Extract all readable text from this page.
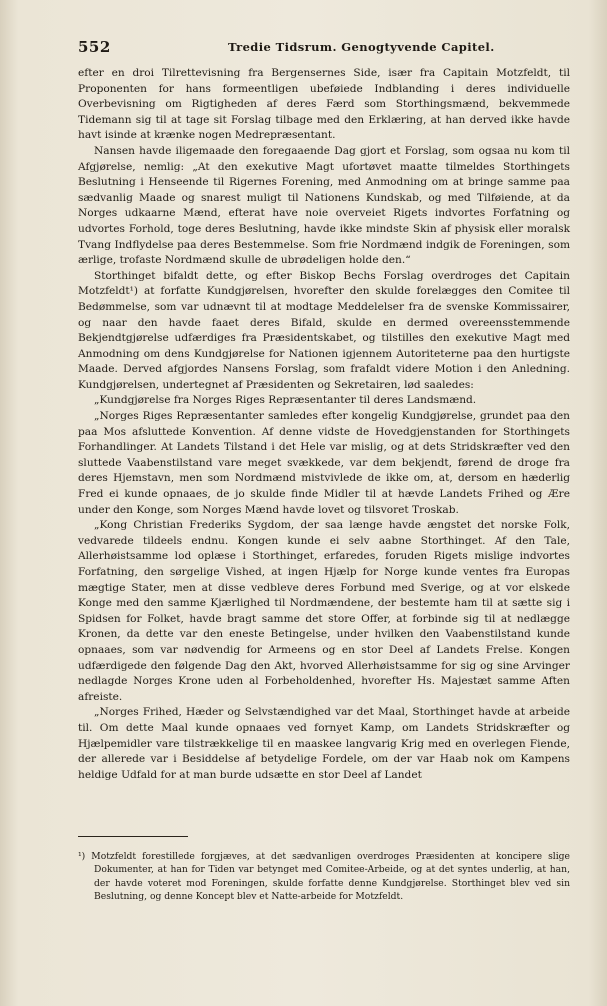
552	Tredie Tidsrum. Genogtyvende Capitel.

efter en droi Tilrettevisning fra Bergensernes Side, især fra Capitain Motzfeldt, til Proponenten for hans formeentligen ubeføiede Indblanding i deres individuelle Overbevisning om Rigtigheden af deres Færd som Storthingsmænd, bekvemmede Tidemann sig til at tage sit Forslag tilbage med den Erklæring, at han derved ikke havde havt isinde at krænke nogen Medrepræsentant.

Nansen havde iligemaade den foregaaende Dag gjort et Forslag, som ogsaa nu kom til Afgjørelse, nemlig: „At den exekutive Magt ufortøvet maatte tilmeldes Storthingets Beslutning i Henseende til Rigernes Forening, med Anmodning om at bringe samme paa sædvanlig Maade og snarest muligt til Nationens Kundskab, og med Tilføiende, at da Norges udkaarne Mænd, efterat have noie overveiet Rigets indvortes Forfatning og udvortes Forhold, toge deres Beslutning, havde ikke mindste Skin af physisk eller moralsk Tvang Indflydelse paa deres Bestemmelse. Som frie Nordmænd indgik de Foreningen, som ærlige, trofaste Nordmænd skulle de ubrødeligen holde den.“

Storthinget bifaldt dette, og efter Biskop Bechs Forslag overdroges det Capitain Motzfeldt¹) at forfatte Kundgjørelsen, hvorefter den skulde forelægges den Comitee til Bedømmelse, som var udnævnt til at modtage Meddelelser fra de svenske Kommissairer, og naar den havde faaet deres Bifald, skulde en dermed overeensstemmende Bekjendtgjørelse udfærdiges fra Præsidentskabet, og tilstilles den exekutive Magt med Anmodning om dens Kundgjørelse for Nationen igjennem Autoriteterne paa den hurtigste Maade. Derved afgjordes Nansens Forslag, som frafaldt videre Motion i den Anledning. Kundgjørelsen, undertegnet af Præsidenten og Sekretairen, lød saaledes:

„Kundgjørelse fra Norges Riges Repræsentanter til deres Landsmænd.

„Norges Riges Repræsentanter samledes efter kongelig Kundgjørelse, grundet paa den paa Mos afsluttede Konvention. Af denne vidste de Hovedgjenstanden for Storthingets Forhandlinger. At Landets Tilstand i det Hele var mislig, og at dets Stridskræfter ved den sluttede Vaabenstilstand vare meget svækkede, var dem bekjendt, førend de droge fra deres Hjemstavn, men som Nordmænd mistvivlede de ikke om, at, dersom en hæderlig Fred ei kunde opnaaes, de jo skulde finde Midler til at hævde Landets Frihed og Ære under den Konge, som Norges Mænd havde lovet og tilsvoret Troskab.

„Kong Christian Frederiks Sygdom, der saa længe havde ængstet det norske Folk, vedvarede tildeels endnu. Kongen kunde ei selv aabne Storthinget. Af den Tale, Allerhøistsamme lod oplæse i Storthinget, erfaredes, foruden Rigets mislige indvortes Forfatning, den sørgelige Vished, at ingen Hjælp for Norge kunde ventes fra Europas mægtige Stater, men at disse vedbleve deres Forbund med Sverige, og at vor elskede Konge med den samme Kjærlighed til Nordmændene, der bestemte ham til at sætte sig i Spidsen for Folket, havde bragt samme det store Offer, at forbinde sig til at nedlægge Kronen, da dette var den eneste Betingelse, under hvilken den Vaabenstilstand kunde opnaaes, som var nødvendig for Armeens og en stor Deel af Landets Frelse. Kongen udfærdigede den følgende Dag den Akt, hvorved Allerhøistsamme for sig og sine Arvinger nedlagde Norges Krone uden al Forbeholdenhed, hvorefter Hs. Majestæt samme Aften afreiste.

„Norges Frihed, Hæder og Selvstændighed var det Maal, Storthinget havde at arbeide til. Om dette Maal kunde opnaaes ved fornyet Kamp, om Landets Stridskræfter og Hjælpemidler vare tilstrækkelige til en maaskee langvarig Krig med en overlegen Fiende, der allerede var i Besiddelse af betydelige Fordele, om der var Haab nok om Kampens heldige Udfald for at man burde udsætte en stor Deel af Landet

¹) Motzfeldt forestillede forgjæves, at det sædvanligen overdroges Præsidenten at koncipere slige Dokumenter, at han for Tiden var betynget med Comitee-Arbeide, og at det syntes underlig, at han, der havde voteret mod Foreningen, skulde forfatte denne Kundgjørelse. Storthinget blev ved sin Beslutning, og denne Koncept blev et Natte-arbeide for Motzfeldt.
